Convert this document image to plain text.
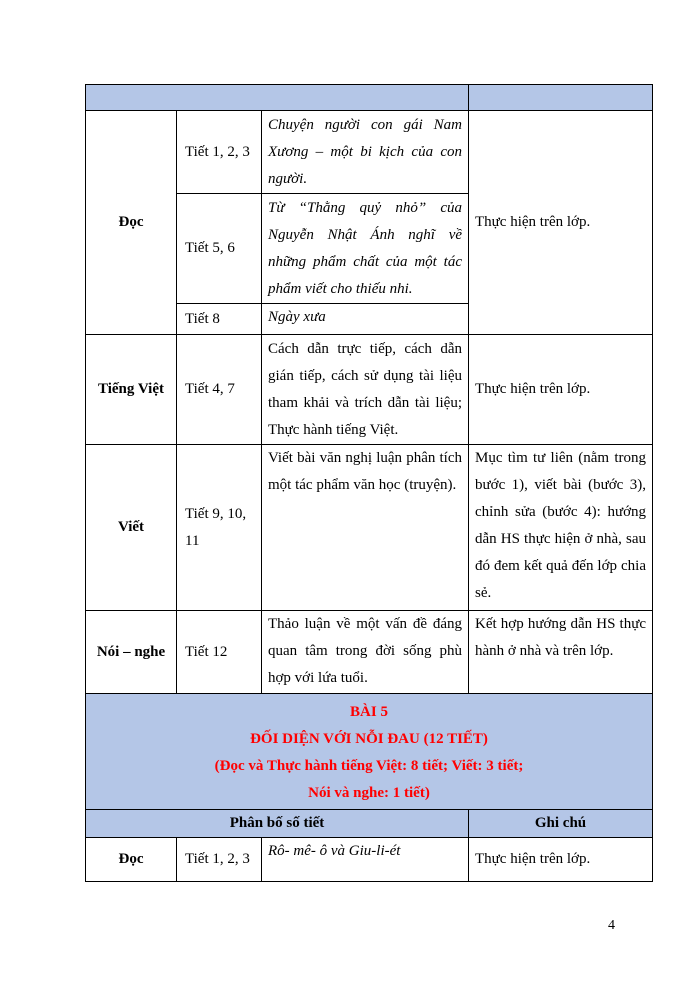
Đọc	Tiết 1, 2, 3	Chuyện người con gái Nam Xương – một bi kịch của con người.	Thực hiện trên lớp.
	Tiết 5, 6	Từ “Thằng quỷ nhỏ” của Nguyễn Nhật Ánh nghĩ về những phẩm chất của một tác phẩm viết cho thiếu nhi.	
	Tiết 8	Ngày xưa	
Tiếng Việt	Tiết 4, 7	Cách dẫn trực tiếp, cách dẫn gián tiếp, cách sử dụng tài liệu tham khải và trích dẫn tài liệu; Thực hành tiếng Việt.	Thực hiện trên lớp.
Viết	Tiết 9, 10, 11	Viết bài văn nghị luận phân tích một tác phẩm văn học (truyện).	Mục tìm tư liên (nằm trong bước 1), viết bài (bước 3), chỉnh sửa (bước 4): hướng dẫn HS thực hiện ở nhà, sau đó đem kết quả đến lớp chia sẻ.
Nói – nghe	Tiết 12	Thảo luận về một vấn đề đáng quan tâm trong đời sống phù hợp với lứa tuổi.	Kết hợp hướng dẫn HS thực hành ở nhà và trên lớp.

BÀI 5
ĐỐI DIỆN VỚI NỖI ĐAU (12 TIẾT)
(Đọc và Thực hành tiếng Việt: 8 tiết; Viết: 3 tiết;
Nói và nghe: 1 tiết)			

Phân bố số tiết			Ghi chú
Đọc	Tiết 1, 2, 3	Rô- mê- ô và Giu-li-ét	Thực hiện trên lớp.
4
